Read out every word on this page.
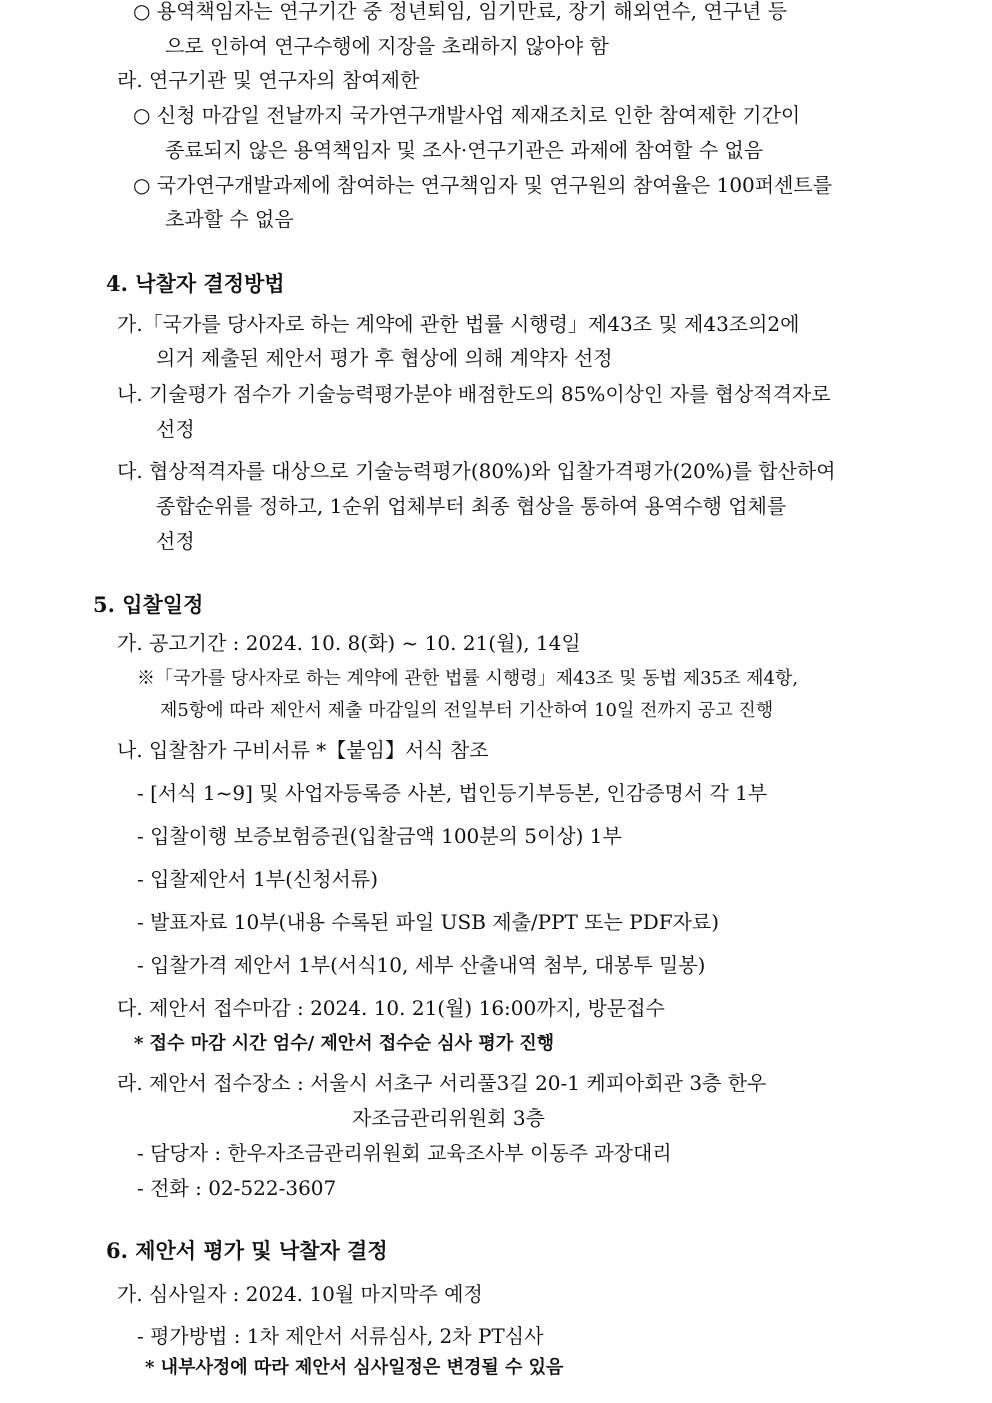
○ 용역책임자는 연구기간 중 정년퇴임, 임기만료, 장기 해외연수, 연구년 등
으로 인하여 연구수행에 지장을 초래하지 않아야 함
라. 연구기관 및 연구자의 참여제한
○ 신청 마감일 전날까지 국가연구개발사업 제재조치로 인한 참여제한 기간이
종료되지 않은 용역책임자 및 조사·연구기관은 과제에 참여할 수 없음
○ 국가연구개발과제에 참여하는 연구책임자 및 연구원의 참여율은 100퍼센트를
초과할 수 없음
4. 낙찰자 결정방법
가.「국가를 당사자로 하는 계약에 관한 법률 시행령」제43조 및 제43조의2에
의거 제출된 제안서 평가 후 협상에 의해 계약자 선정
나. 기술평가 점수가 기술능력평가분야 배점한도의 85%이상인 자를 협상적격자로
선정
다. 협상적격자를 대상으로 기술능력평가(80%)와 입찰가격평가(20%)를 합산하여
종합순위를 정하고, 1순위 업체부터 최종 협상을 통하여 용역수행 업체를
선정
5. 입찰일정
가. 공고기간 : 2024. 10. 8(화) ~ 10. 21(월), 14일
※「국가를 당사자로 하는 계약에 관한 법률 시행령」제43조 및 동법 제35조 제4항,
제5항에 따라 제안서 제출 마감일의 전일부터 기산하여 10일 전까지 공고 진행
나. 입찰참가 구비서류 *【붙임】서식 참조
- [서식 1~9] 및 사업자등록증 사본, 법인등기부등본, 인감증명서 각 1부
- 입찰이행 보증보험증권(입찰금액 100분의 5이상) 1부
- 입찰제안서 1부(신청서류)
- 발표자료 10부(내용 수록된 파일 USB 제출/PPT 또는 PDF자료)
- 입찰가격 제안서 1부(서식10, 세부 산출내역 첨부, 대봉투 밀봉)
다. 제안서 접수마감 : 2024. 10. 21(월) 16:00까지, 방문접수
* 접수 마감 시간 엄수/ 제안서 접수순 심사 평가 진행
라. 제안서 접수장소 : 서울시 서초구 서리풀3길 20-1 케피아회관 3층 한우
자조금관리위원회 3층
- 담당자 : 한우자조금관리위원회 교육조사부 이동주 과장대리
- 전화 : 02-522-3607
6. 제안서 평가 및 낙찰자 결정
가. 심사일자 : 2024. 10월 마지막주 예정
- 평가방법 : 1차 제안서 서류심사, 2차 PT심사
* 내부사정에 따라 제안서 심사일정은 변경될 수 있음
